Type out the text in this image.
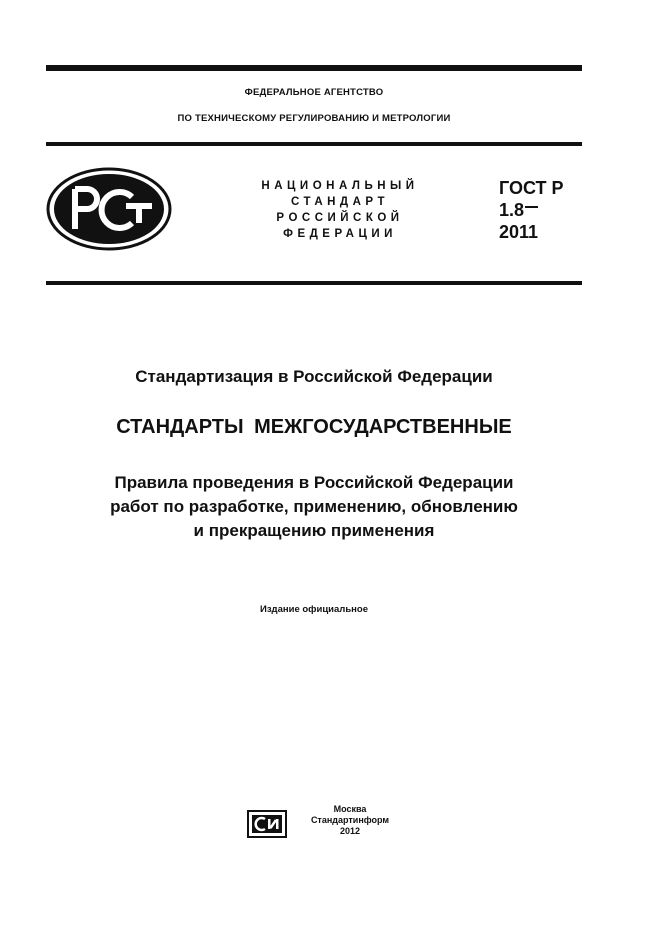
ФЕДЕРАЛЬНОЕ АГЕНТСТВО
ПО ТЕХНИЧЕСКОМУ РЕГУЛИРОВАНИЮ И МЕТРОЛОГИИ
НАЦИОНАЛЬНЫЙ
СТАНДАРТ
РОССИЙСКОЙ
ФЕДЕРАЦИИ
ГОСТ Р
1.8
2011
Стандартизация в Российской Федерации
СТАНДАРТЫ МЕЖГОСУДАРСТВЕННЫЕ
Правила проведения в Российской Федерации
работ по разработке, применению, обновлению
и прекращению применения
Издание официальное
Москва
Стандартинформ
2012
